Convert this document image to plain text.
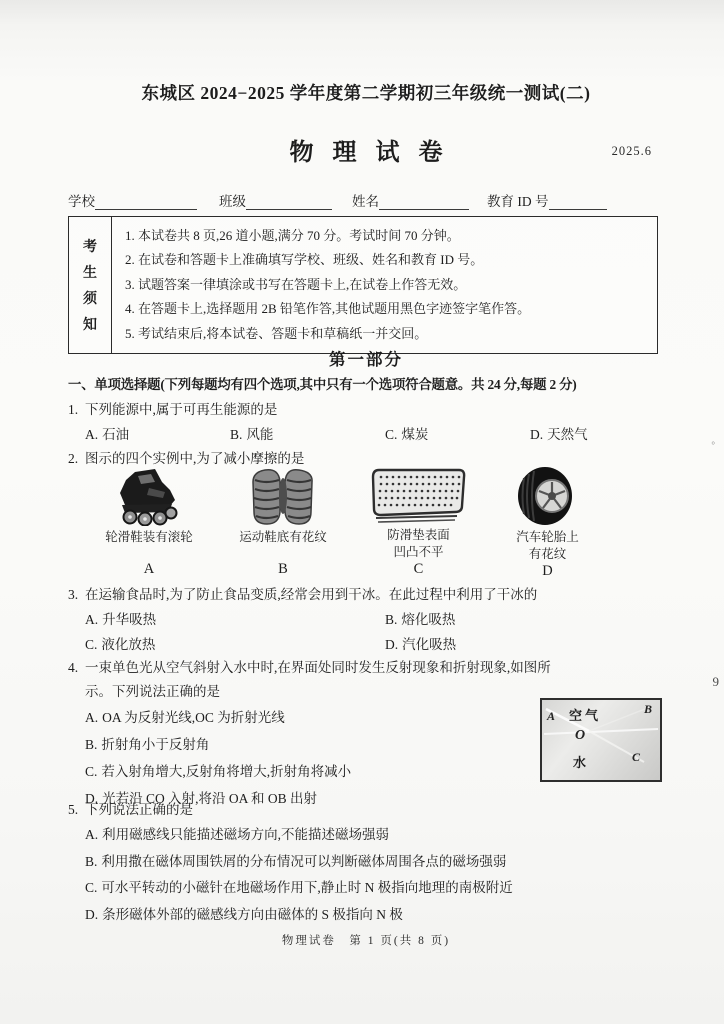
东城区 2024−2025 学年度第二学期初三年级统一测试(二)
物理试卷	2025.6
学校	班级	姓名	教育 ID 号
考
生
须
知
1. 本试卷共 8 页,26 道小题,满分 70 分。考试时间 70 分钟。
2. 在试卷和答题卡上准确填写学校、班级、姓名和教育 ID 号。
3. 试题答案一律填涂或书写在答题卡上,在试卷上作答无效。
4. 在答题卡上,选择题用 2B 铅笔作答,其他试题用黑色字迹签字笔作答。
5. 考试结束后,将本试卷、答题卡和草稿纸一并交回。
第一部分
一、单项选择题(下列每题均有四个选项,其中只有一个选项符合题意。共 24 分,每题 2 分)
1. 下列能源中,属于可再生能源的是
A. 石油	B. 风能	C. 煤炭	D. 天然气
2. 图示的四个实例中,为了减小摩擦的是
轮滑鞋装有滚轮
A
运动鞋底有花纹
B
防滑垫表面
凹凸不平
C
汽车轮胎上
有花纹
D
3. 在运输食品时,为了防止食品变质,经常会用到干冰。在此过程中利用了干冰的
A. 升华吸热	B. 熔化吸热
C. 液化放热	D. 汽化吸热
4. 一束单色光从空气斜射入水中时,在界面处同时发生反射现象和折射现象,如图所
示。下列说法正确的是
A. OA 为反射光线,OC 为折射光线
B. 折射角小于反射角
C. 若入射角增大,反射角将增大,折射角将减小
D. 光若沿 CO 入射,将沿 OA 和 OB 出射
A 空气	B
O
水	C
5. 下列说法正确的是
A. 利用磁感线只能描述磁场方向,不能描述磁场强弱
B. 利用撒在磁体周围铁屑的分布情况可以判断磁体周围各点的磁场强弱
C. 可水平转动的小磁针在地磁场作用下,静止时 N 极指向地理的南极附近
D. 条形磁体外部的磁感线方向由磁体的 S 极指向 N 极
物理试卷　第 1 页(共 8 页)
9
°
